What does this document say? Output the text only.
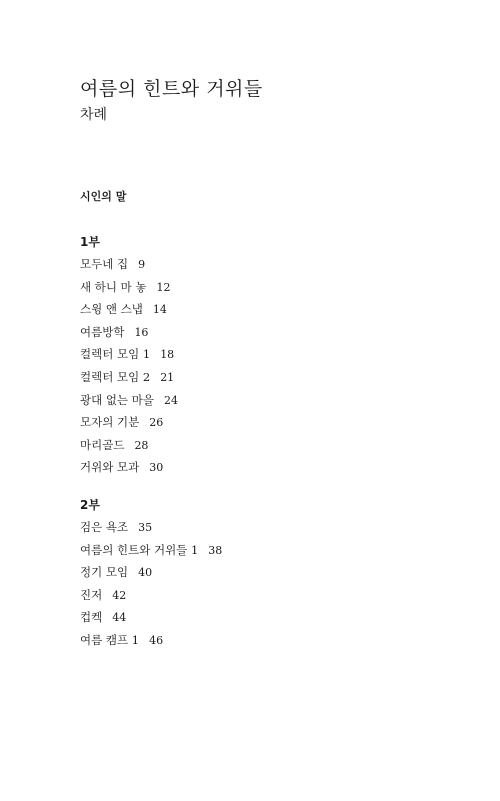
여름의 힌트와 거위들
차례
시인의 말
1부
모두네 집 9
새 하니 마 놓 12
스윙 앤 스냅 14
여름방학 16
컬렉터 모임 1 18
컬렉터 모임 2 21
광대 없는 마을 24
모자의 기분 26
마리골드 28
거위와 모과 30
2부
검은 욕조 35
여름의 힌트와 거위들 1 38
정기 모임 40
진저 42
컵켁 44
여름 캠프 1 46
